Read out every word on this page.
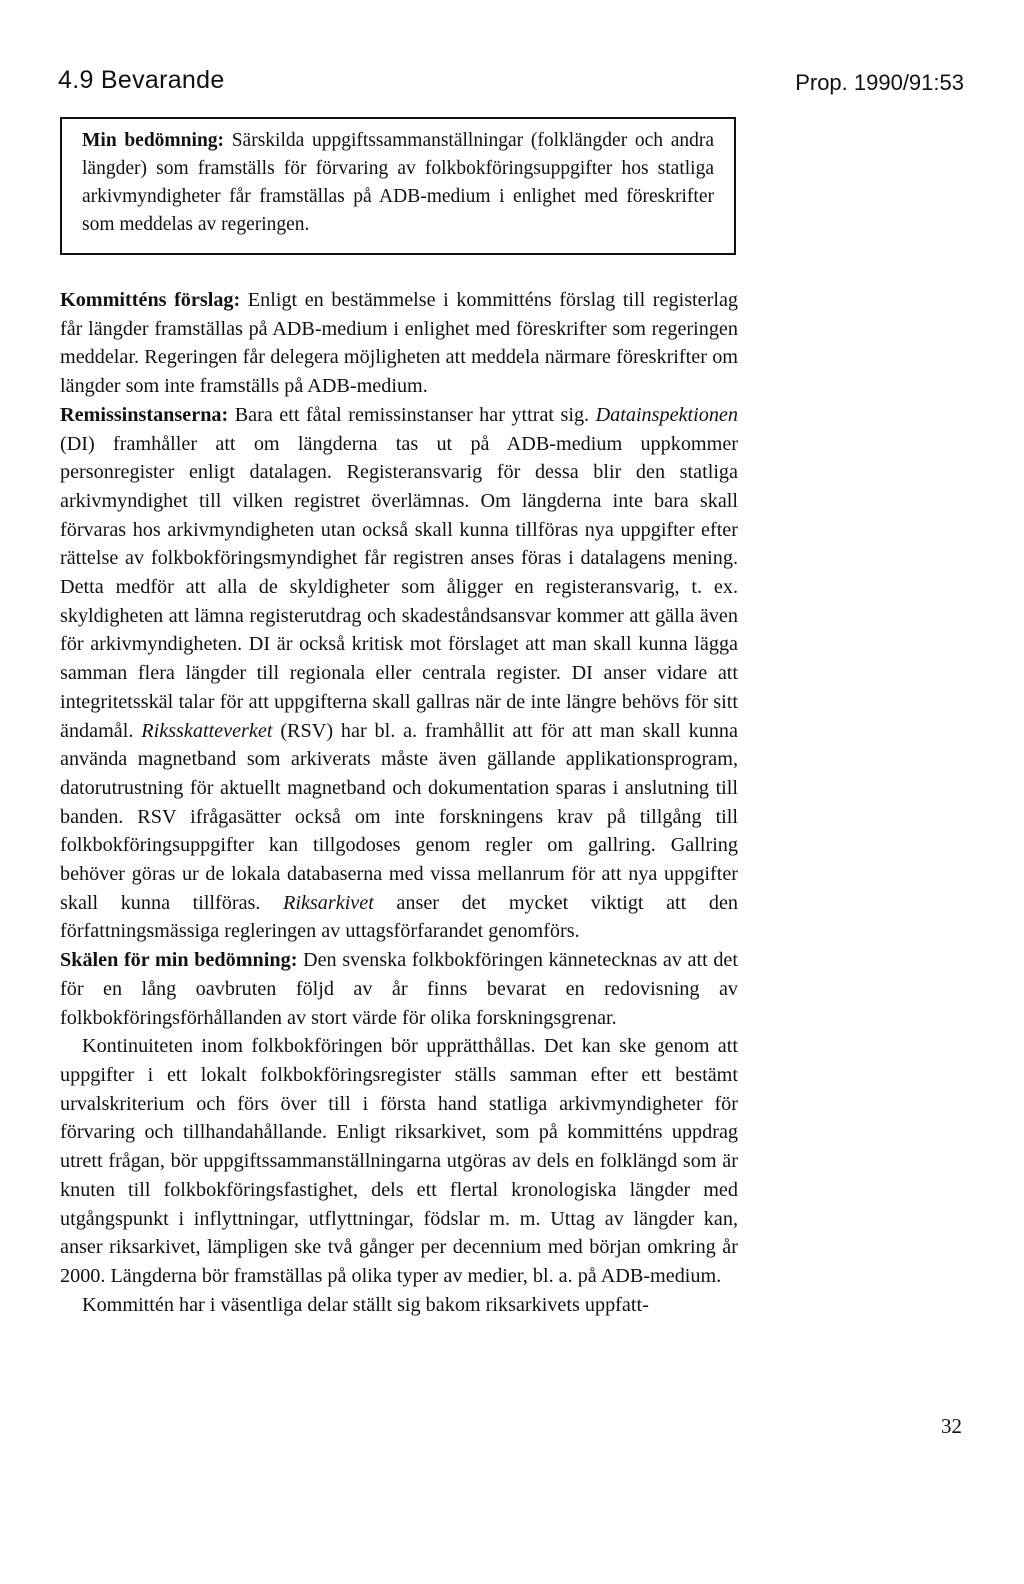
4.9 Bevarande	Prop. 1990/91:53
Min bedömning: Särskilda uppgiftssammanställningar (folklängder och andra längder) som framställs för förvaring av folkbokföringsuppgifter hos statliga arkivmyndigheter får framställas på ADB-medium i enlighet med föreskrifter som meddelas av regeringen.

Kommitténs förslag: Enligt en bestämmelse i kommitténs förslag till registerlag får längder framställas på ADB-medium i enlighet med föreskrifter som regeringen meddelar. Regeringen får delegera möjligheten att meddela närmare föreskrifter om längder som inte framställs på ADB-medium.

Remissinstanserna: Bara ett fåtal remissinstanser har yttrat sig. Datainspektionen (DI) framhåller att om längderna tas ut på ADB-medium uppkommer personregister enligt datalagen. Registeransvarig för dessa blir den statliga arkivmyndighet till vilken registret överlämnas. Om längderna inte bara skall förvaras hos arkivmyndigheten utan också skall kunna tillföras nya uppgifter efter rättelse av folkbokföringsmyndighet får registren anses föras i datalagens mening. Detta medför att alla de skyldigheter som åligger en registeransvarig, t. ex. skyldigheten att lämna registerutdrag och skadeståndsansvar kommer att gälla även för arkivmyndigheten. DI är också kritisk mot förslaget att man skall kunna lägga samman flera längder till regionala eller centrala register. DI anser vidare att integritetsskäl talar för att uppgifterna skall gallras när de inte längre behövs för sitt ändamål. Riksskatteverket (RSV) har bl. a. framhållit att för att man skall kunna använda magnetband som arkiverats måste även gällande applikationsprogram, datorutrustning för aktuellt magnetband och dokumentation sparas i anslutning till banden. RSV ifrågasätter också om inte forskningens krav på tillgång till folkbokföringsuppgifter kan tillgodoses genom regler om gallring. Gallring behöver göras ur de lokala databaserna med vissa mellanrum för att nya uppgifter skall kunna tillföras. Riksarkivet anser det mycket viktigt att den författningsmässiga regleringen av uttagsförfarandet genomförs.

Skälen för min bedömning: Den svenska folkbokföringen kännetecknas av att det för en lång oavbruten följd av år finns bevarat en redovisning av folkbokföringsförhållanden av stort värde för olika forskningsgrenar.

Kontinuiteten inom folkbokföringen bör upprätthållas. Det kan ske genom att uppgifter i ett lokalt folkbokföringsregister ställs samman efter ett bestämt urvalskriterium och förs över till i första hand statliga arkivmyndigheter för förvaring och tillhandahållande. Enligt riksarkivet, som på kommitténs uppdrag utrett frågan, bör uppgiftssammanställningarna utgöras av dels en folklängd som är knuten till folkbokföringsfastighet, dels ett flertal kronologiska längder med utgångspunkt i inflyttningar, utflyttningar, födslar m. m. Uttag av längder kan, anser riksarkivet, lämpligen ske två gånger per decennium med början omkring år 2000. Längderna bör framställas på olika typer av medier, bl. a. på ADB-medium.

Kommittén har i väsentliga delar ställt sig bakom riksarkivets uppfatt-

32
